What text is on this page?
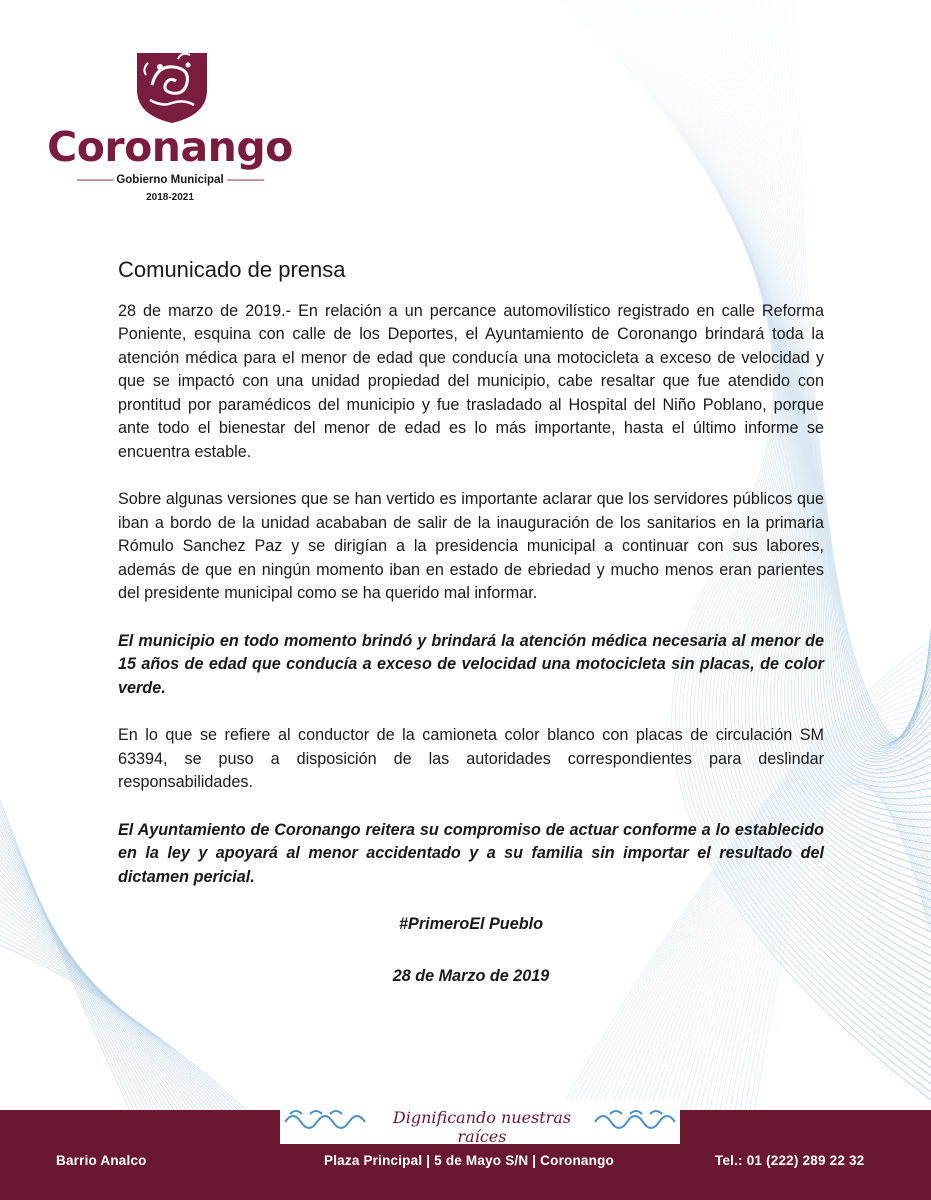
Coronango
------------- Gobierno Municipal -------------
2018-2021
Comunicado de prensa

28 de marzo de 2019.- En relación a un percance automovilístico registrado en calle Reforma Poniente, esquina con calle de los Deportes, el Ayuntamiento de Coronango brindará toda la atención médica para el menor de edad que conducía una motocicleta a exceso de velocidad y que se impactó con una unidad propiedad del municipio, cabe resaltar que fue atendido con prontitud por paramédicos del municipio y fue trasladado al Hospital del Niño Poblano, porque ante todo el bienestar del menor de edad es lo más importante, hasta el último informe se encuentra estable.

Sobre algunas versiones que se han vertido es importante aclarar que los servidores públicos que iban a bordo de la unidad acababan de salir de la inauguración de los sanitarios en la primaria Rómulo Sanchez Paz y se dirigían a la presidencia municipal a continuar con sus labores, además de que en ningún momento iban en estado de ebriedad y mucho menos eran parientes del presidente municipal como se ha querido mal informar.

El municipio en todo momento brindó y brindará la atención médica necesaria al menor de 15 años de edad que conducía a exceso de velocidad una motocicleta sin placas, de color verde.

En lo que se refiere al conductor de la camioneta color blanco con placas de circulación SM 63394, se puso a disposición de las autoridades correspondientes para deslindar responsabilidades.

El Ayuntamiento de Coronango reitera su compromiso de actuar conforme a lo establecido en la ley y apoyará al menor accidentado y a su familia sin importar el resultado del dictamen pericial.

#PrimeroEl Pueblo

28 de Marzo de 2019

Dignificando nuestras raíces
Barrio Analco	Plaza Principal | 5 de Mayo S/N | Coronango	Tel.: 01 (222) 289 22 32
